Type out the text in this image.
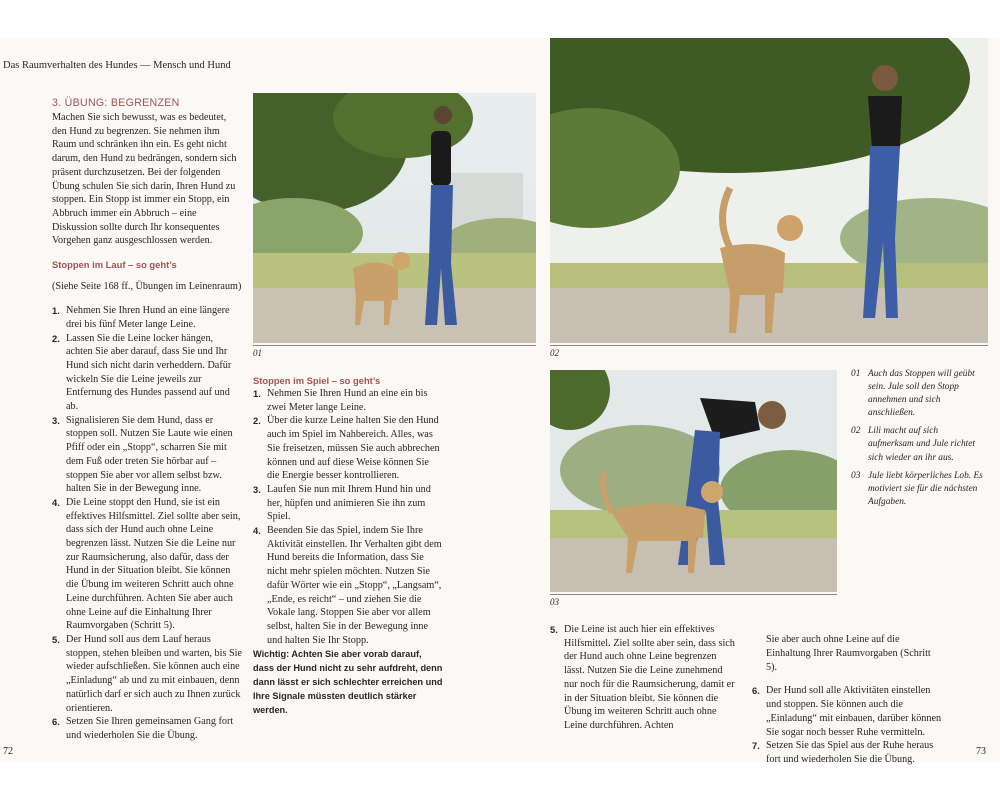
Das Raumverhalten des Hundes — Mensch und Hund
72	73
3. ÜBUNG: BEGRENZEN

Machen Sie sich bewusst, was es bedeutet, den Hund zu begrenzen. Sie nehmen ihm Raum und schränken ihn ein. Es geht nicht darum, den Hund zu bedrängen, sondern sich präsent durchzusetzen. Bei der folgenden Übung schulen Sie sich darin, Ihren Hund zu stoppen. Ein Stopp ist immer ein Stopp, ein Abbruch immer ein Abbruch – eine Diskussion sollte durch Ihr konsequentes Vorgehen ganz ausgeschlossen werden.

Stoppen im Lauf – so geht’s

(Siehe Seite 168 ff., Übungen im Leinenraum)

1. Nehmen Sie Ihren Hund an eine längere drei bis fünf Meter lange Leine.
2. Lassen Sie die Leine locker hängen, achten Sie aber darauf, dass Sie und Ihr Hund sich nicht darin verheddern. Dafür wickeln Sie die Leine jeweils zur Entfernung des Hundes passend auf und ab.
3. Signalisieren Sie dem Hund, dass er stoppen soll. Nutzen Sie Laute wie einen Pfiff oder ein „Stopp“, scharren Sie mit dem Fuß oder treten Sie hörbar auf – stoppen Sie aber vor allem selbst bzw. halten Sie in der Bewegung inne.
4. Die Leine stoppt den Hund, sie ist ein effektives Hilfsmittel. Ziel sollte aber sein, dass sich der Hund auch ohne Leine begrenzen lässt. Nutzen Sie die Leine nur zur Raumsicherung, also dafür, dass der Hund in der Situation bleibt. Sie können die Übung im weiteren Schritt auch ohne Leine durchführen. Achten Sie aber auch ohne Leine auf die Einhaltung Ihrer Raumvorgaben (Schritt 5).
5. Der Hund soll aus dem Lauf heraus stoppen, stehen bleiben und warten, bis Sie wieder aufschließen. Sie können auch eine „Einladung“ ab und zu mit einbauen, denn natürlich darf er sich auch zu Ihnen zurück orientieren.
6. Setzen Sie Ihren gemeinsamen Gang fort und wiederholen Sie die Übung.
01
Stoppen im Spiel – so geht’s
1. Nehmen Sie Ihren Hund an eine ein bis zwei Meter lange Leine.
2. Über die kurze Leine halten Sie den Hund auch im Spiel im Nahbereich. Alles, was Sie freisetzen, müssen Sie auch abbrechen können und auf diese Weise können Sie die Energie besser kontrollieren.
3. Laufen Sie nun mit Ihrem Hund hin und her, hüpfen und animieren Sie ihn zum Spiel.
4. Beenden Sie das Spiel, indem Sie Ihre Aktivität einstellen. Ihr Verhalten gibt dem Hund bereits die Information, dass Sie nicht mehr spielen möchten. Nutzen Sie dafür Wörter wie ein „Stopp“, „Langsam“, „Ende, es reicht“ – und ziehen Sie die Vokale lang. Stoppen Sie aber vor allem selbst, halten Sie in der Bewegung inne und halten Sie Ihr Stopp.
Wichtig: Achten Sie aber vorab darauf, dass der Hund nicht zu sehr aufdreht, denn dann lässt er sich schlechter erreichen und Ihre Signale müssten deutlich stärker werden.
02
03
01 Auch das Stoppen will geübt sein. Jule soll den Stopp annehmen und sich anschließen.
02 Lili macht auf sich aufmerksam und Jule richtet sich wieder an ihr aus.
03 Jule liebt körperliches Lob. Es motiviert sie für die nächsten Aufgaben.
5. Die Leine ist auch hier ein effektives Hilfsmittel. Ziel sollte aber sein, dass sich der Hund auch ohne Leine begrenzen lässt. Nutzen Sie die Leine zunehmend nur noch für die Raumsicherung, damit er in der Situation bleibt. Sie können die Übung im weiteren Schritt auch ohne Leine durchführen. Achten

Sie aber auch ohne Leine auf die Einhaltung Ihrer Raumvorgaben (Schritt 5).

6. Der Hund soll alle Aktivitäten einstellen und stoppen. Sie können auch die „Einladung“ mit einbauen, darüber können Sie sogar noch besser Ruhe vermitteln.
7. Setzen Sie das Spiel aus der Ruhe heraus fort und wiederholen Sie die Übung.
